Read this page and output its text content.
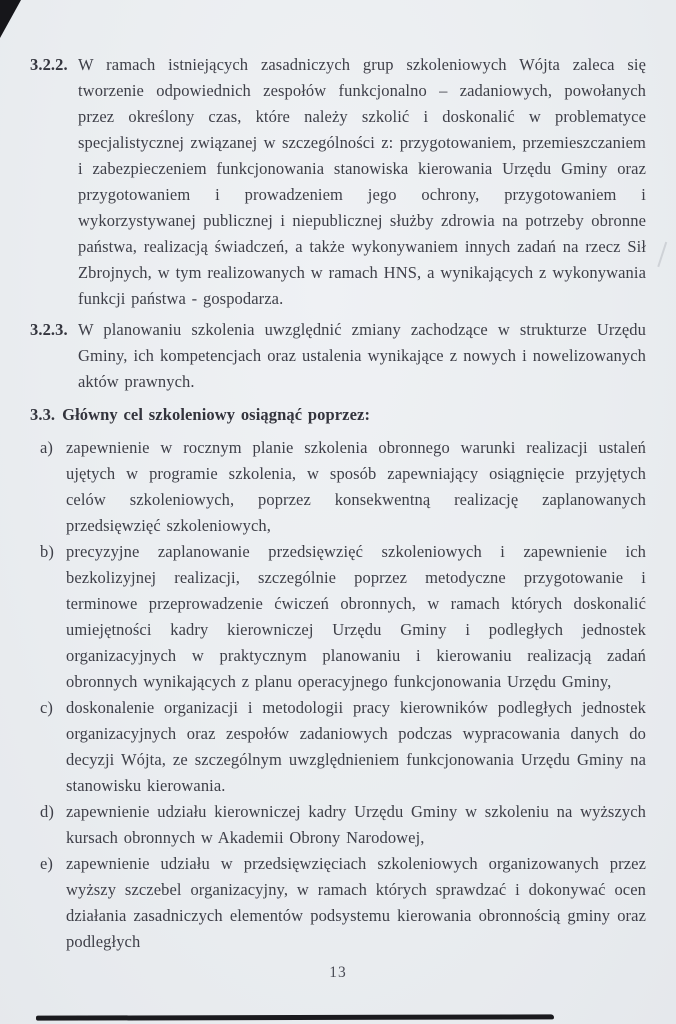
3.2.2. W ramach istniejących zasadniczych grup szkoleniowych Wójta zaleca się tworzenie odpowiednich zespołów funkcjonalno – zadaniowych, powołanych przez określony czas, które należy szkolić i doskonalić w problematyce specjalistycznej związanej w szczególności z: przygotowaniem, przemieszczaniem i zabezpieczeniem funkcjonowania stanowiska kierowania Urzędu Gminy oraz przygotowaniem i prowadzeniem jego ochrony, przygotowaniem i wykorzystywanej publicznej i niepublicznej służby zdrowia na potrzeby obronne państwa, realizacją świadczeń, a także wykonywaniem innych zadań na rzecz Sił Zbrojnych, w tym realizowanych w ramach HNS, a wynikających z wykonywania funkcji państwa - gospodarza.

3.2.3. W planowaniu szkolenia uwzględnić zmiany zachodzące w strukturze Urzędu Gminy, ich kompetencjach oraz ustalenia wynikające z nowych i nowelizowanych aktów prawnych.

3.3. Główny cel szkoleniowy osiągnąć poprzez:

a) zapewnienie w rocznym planie szkolenia obronnego warunki realizacji ustaleń ujętych w programie szkolenia, w sposób zapewniający osiągnięcie przyjętych celów szkoleniowych, poprzez konsekwentną realizację zaplanowanych przedsięwzięć szkoleniowych,

b) precyzyjne zaplanowanie przedsięwzięć szkoleniowych i zapewnienie ich bezkolizyjnej realizacji, szczególnie poprzez metodyczne przygotowanie i terminowe przeprowadzenie ćwiczeń obronnych, w ramach których doskonalić umiejętności kadry kierowniczej Urzędu Gminy i podległych jednostek organizacyjnych w praktycznym planowaniu i kierowaniu realizacją zadań obronnych wynikających z planu operacyjnego funkcjonowania Urzędu Gminy,

c) doskonalenie organizacji i metodologii pracy kierowników podległych jednostek organizacyjnych oraz zespołów zadaniowych podczas wypracowania danych do decyzji Wójta, ze szczególnym uwzględnieniem funkcjonowania Urzędu Gminy na stanowisku kierowania.

d) zapewnienie udziału kierowniczej kadry Urzędu Gminy w szkoleniu na wyższych kursach obronnych w Akademii Obrony Narodowej,

e) zapewnienie udziału w przedsięwzięciach szkoleniowych organizowanych przez wyższy szczebel organizacyjny, w ramach których sprawdzać i dokonywać ocen działania zasadniczych elementów podsystemu kierowania obronnością gminy oraz podległych

13
